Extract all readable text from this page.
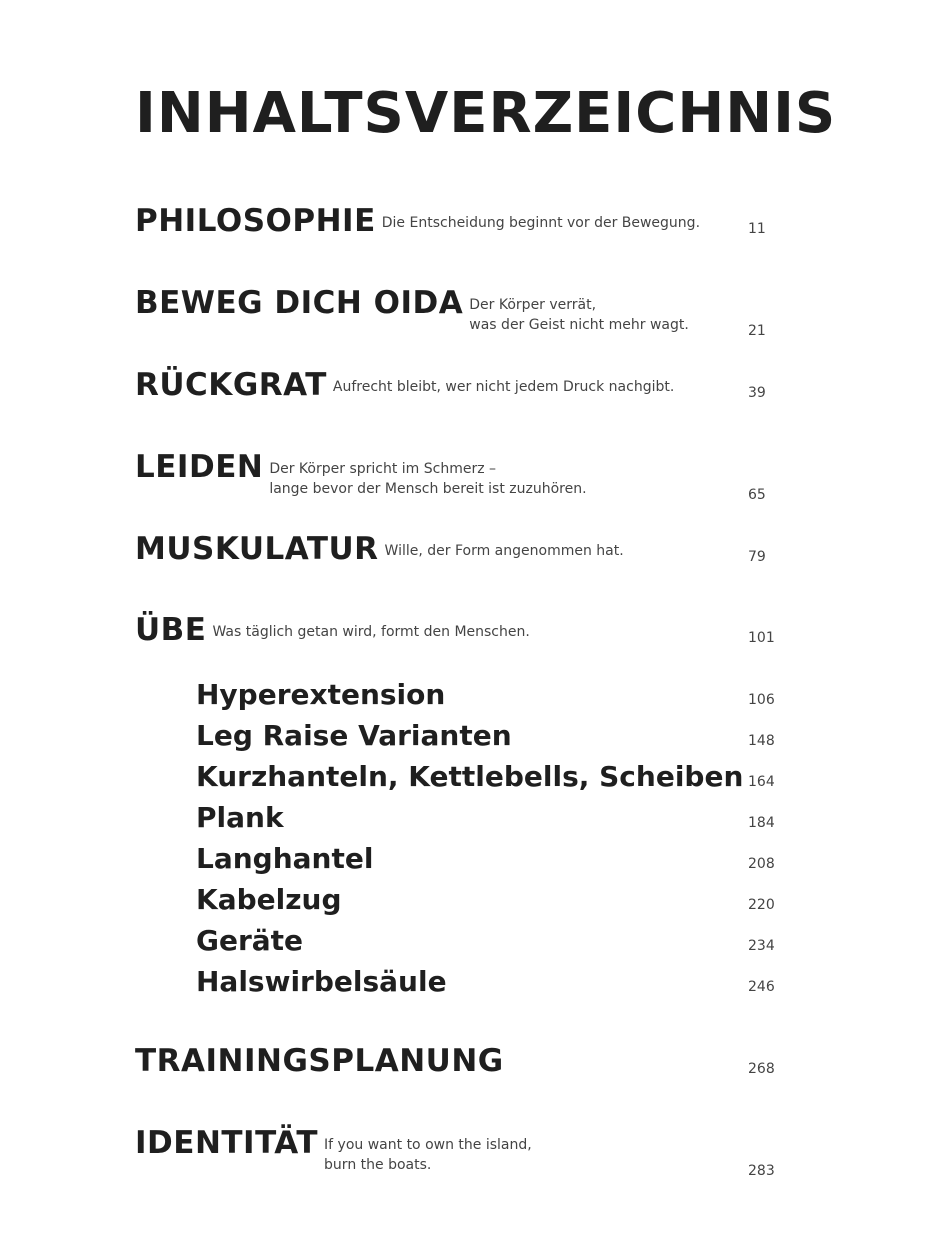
INHALTSVERZEICHNIS
PHILOSOPHIE Die Entscheidung beginnt vor der Bewegung.	11
BEWEG DICH OIDA Der Körper verrät,
was der Geist nicht mehr wagt.	21
RÜCKGRAT Aufrecht bleibt, wer nicht jedem Druck nachgibt.	39
LEIDEN Der Körper spricht im Schmerz –
lange bevor der Mensch bereit ist zuzuhören.	65
MUSKULATUR Wille, der Form angenommen hat.	79
ÜBE Was täglich getan wird, formt den Menschen.	101
Hyperextension	106
Leg Raise Varianten	148
Kurzhanteln, Kettlebells, Scheiben 164
Plank	184
Langhantel	208
Kabelzug	220
Geräte	234
Halswirbelsäule	246
TRAININGSPLANUNG	268
IDENTITÄT If you want to own the island,
burn the boats.	283
